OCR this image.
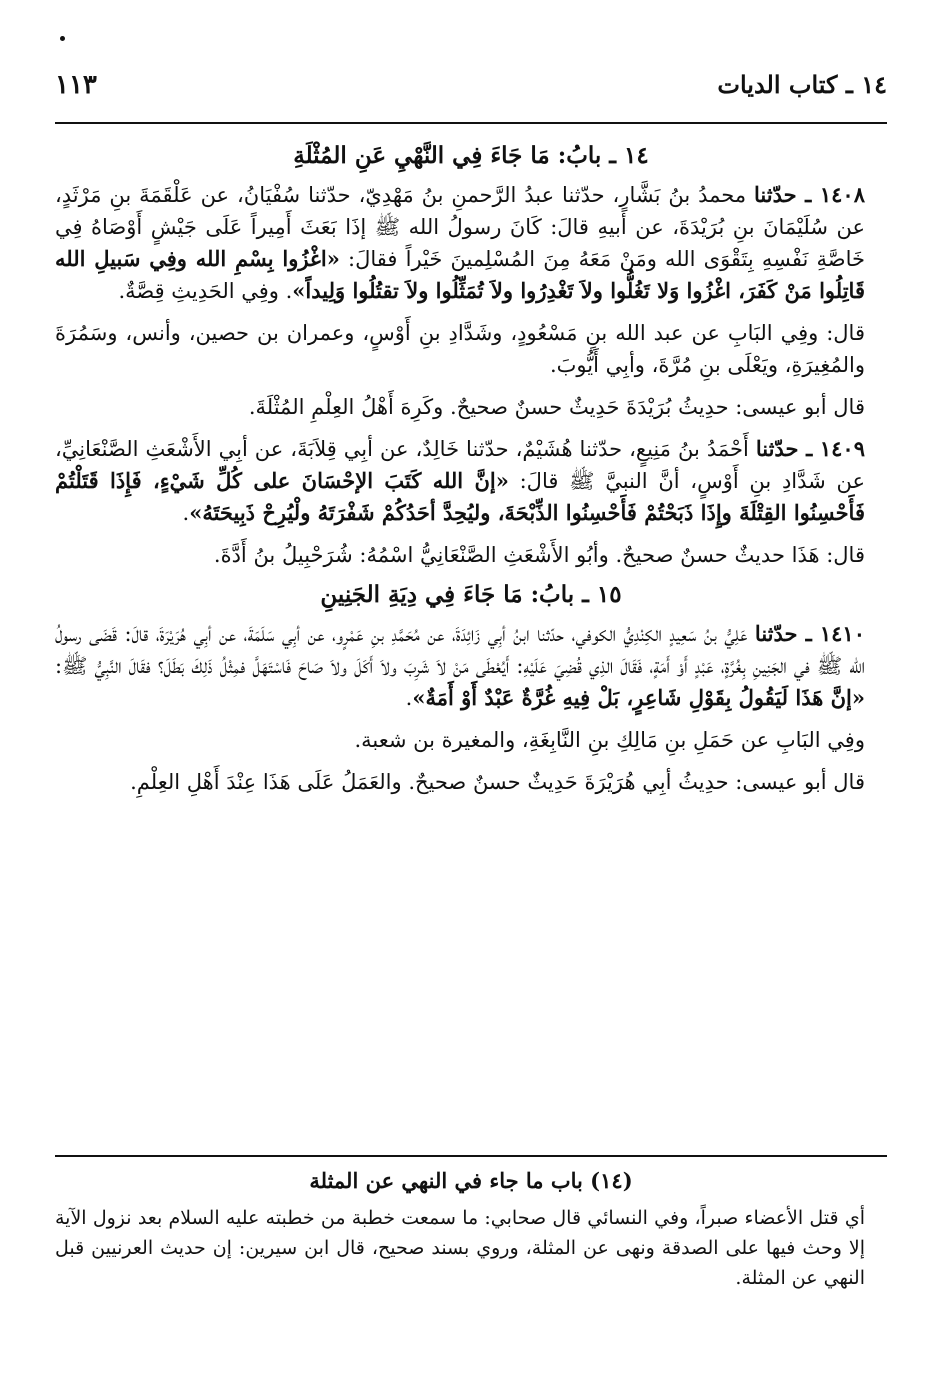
١٤ ـ كتاب الديات
١١٣
١٤ ـ بابُ: مَا جَاءَ فِي النَّهْيِ عَنِ المُثْلَةِ

١٤٠٨ ـ حدّثنا محمدُ بنُ بَشَّارٍ، حدّثنا عبدُ الرَّحمنِ بنُ مَهْدِيّ، حدّثنا سُفْيَانُ، عن عَلْقَمَةَ بنِ مَرْثَدٍ، عن سُلَيْمَانَ بنِ بُرَيْدَةَ، عن أبيهِ قالَ: كَانَ رسولُ الله ﷺ إذَا بَعَثَ أَمِيراً عَلَى جَيْشٍ أَوْصَاهُ فِي خَاصَّةِ نَفْسِهِ بِتَقْوَى الله ومَنْ مَعَهُ مِنَ المُسْلِمينَ خَيْراً فقالَ: «اغْزُوا بِسْمِ الله وفِي سَبيلِ الله قَاتِلُوا مَنْ كَفَرَ، اغْزُوا وَلا تَغُلُّوا ولاَ تَغْدِرُوا ولاَ تُمَثِّلُوا ولاَ تقتُلُوا وَلِيداً». وفِي الحَدِيثِ قِصَّةٌ.

قال: وفِي البَابِ عن عبد الله بنِ مَسْعُودٍ، وشَدَّادِ بنِ أَوْسٍ، وعمران بن حصين، وأنس، وسَمُرَةَ والمُغِيرَةِ، ويَعْلَى بنِ مُرَّةَ، وأبِي أَيُّوبَ.

قال أبو عيسى: حدِيثُ بُرَيْدَةَ حَدِيثٌ حسنٌ صحيحٌ. وكَرِهَ أَهْلُ العِلْمِ المُثْلَةَ.

١٤٠٩ ـ حدّثنا أَحْمَدُ بنُ مَنِيعٍ، حدّثنا هُشَيْمٌ، حدّثنا خَالِدٌ، عن أبِي قِلاَبَةَ، عن أبِي الأَشْعَثِ الصَّنْعَانِيِّ، عن شَدَّادِ بنِ أَوْسٍ، أنَّ النبيَّ ﷺ قالَ: «إنَّ الله كَتَبَ الإحْسَانَ على كُلِّ شَيْءٍ، فَإِذَا قَتَلْتُمْ فَأَحْسِنُوا القِتْلَةَ وإِذَا ذَبَحْتُمْ فَأَحْسِنُوا الذِّبْحَةَ، وليُحِدَّ أحَدُكُمْ شَفْرَتَهُ ولْيُرِحْ ذَبِيحَتَهُ».

قال: هَذَا حديثٌ حسنٌ صحيحٌ. وأبُو الأَشْعَثِ الصَّنْعَانِيُّ اسْمُهُ: شُرَحْبِيلُ بنُ أَدَّةَ.

١٥ ـ بابُ: مَا جَاءَ فِي دِيَةِ الجَنِينِ

١٤١٠ ـ حدّثنا عَلِيُّ بنُ سَعِيدٍ الكِنْدِيُّ الكوفي، حدّثنا ابنُ أبِي زَائِدَةَ، عن مُحَمَّدِ بنِ عَمْرٍو، عن أبِي سَلَمَةَ، عن أبِي هُرَيْرَةَ، قالَ: قَضَى رسولُ الله ﷺ في الجَنِينِ بِغُرَّةٍ، عَبْدٍ أَوْ أَمَةٍ، فَقَالَ الذِي قُضِيَ عَلَيْهِ: أَيُعْطَى مَنْ لاَ شَرِبَ ولاَ أَكَلَ ولاَ صَاحَ فَاسْتَهَلَّ فمِثْلُ ذَلِكَ بَطَلَ؟ فقَالَ النَّبِيُّ ﷺ: «إنَّ هَذَا لَيَقُولُ بِقَوْلِ شَاعِرٍ، بَلْ فِيهِ غُرَّةٌ عَبْدٌ أَوْ أَمَةٌ».

وفِي البَابِ عن حَمَلِ بنِ مَالِكِ بنِ النَّابِغَةِ، والمغيرة بن شعبة.

قال أبو عيسى: حدِيثُ أبِي هُرَيْرَةَ حَدِيثٌ حسنٌ صحيحٌ. والعَمَلُ عَلَى هَذَا عِنْدَ أَهْلِ العِلْمِ.

(١٤) باب ما جاء في النهي عن المثلة

أي قتل الأعضاء صبراً، وفي النسائي قال صحابي: ما سمعت خطبة من خطبته عليه السلام بعد نزول الآية إلا وحث فيها على الصدقة ونهى عن المثلة، وروي بسند صحيح، قال ابن سيرين: إن حديث العرنيين قبل النهي عن المثلة.
